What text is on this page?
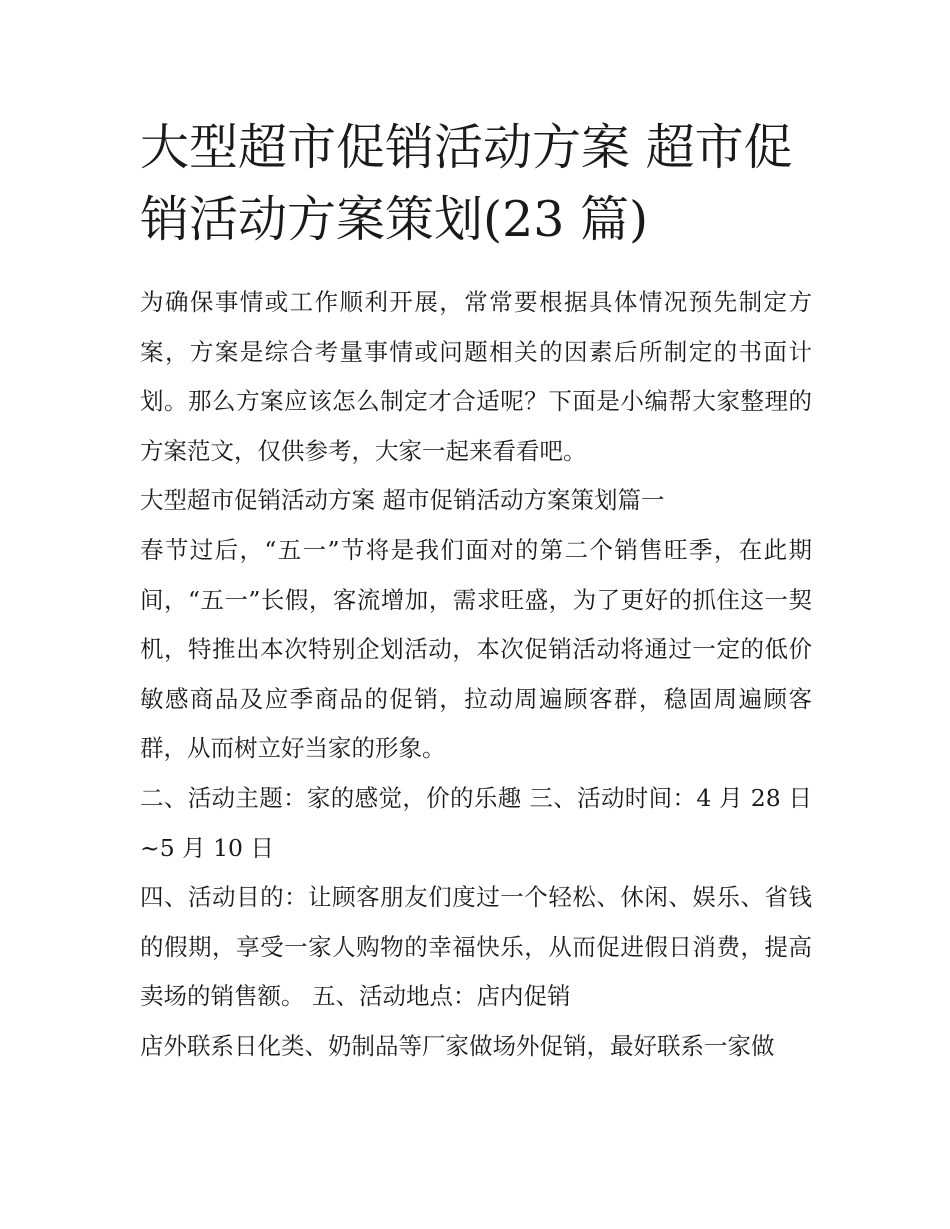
大型超市促销活动方案 超市促销活动方案策划(23 篇)

为确保事情或工作顺利开展，常常要根据具体情况预先制定方案，方案是综合考量事情或问题相关的因素后所制定的书面计划。那么方案应该怎么制定才合适呢？下面是小编帮大家整理的方案范文，仅供参考，大家一起来看看吧。

大型超市促销活动方案 超市促销活动方案策划篇一

春节过后，“五一”节将是我们面对的第二个销售旺季，在此期间，“五一”长假，客流增加，需求旺盛，为了更好的抓住这一契机，特推出本次特别企划活动，本次促销活动将通过一定的低价敏感商品及应季商品的促销，拉动周遍顾客群，稳固周遍顾客群，从而树立好当家的形象。

二、活动主题：家的感觉，价的乐趣 三、活动时间：4 月 28 日~5 月 10 日

四、活动目的：让顾客朋友们度过一个轻松、休闲、娱乐、省钱的假期，享受一家人购物的幸福快乐，从而促进假日消费，提高卖场的销售额。 五、活动地点：店内促销

店外联系日化类、奶制品等厂家做场外促销，最好联系一家做
